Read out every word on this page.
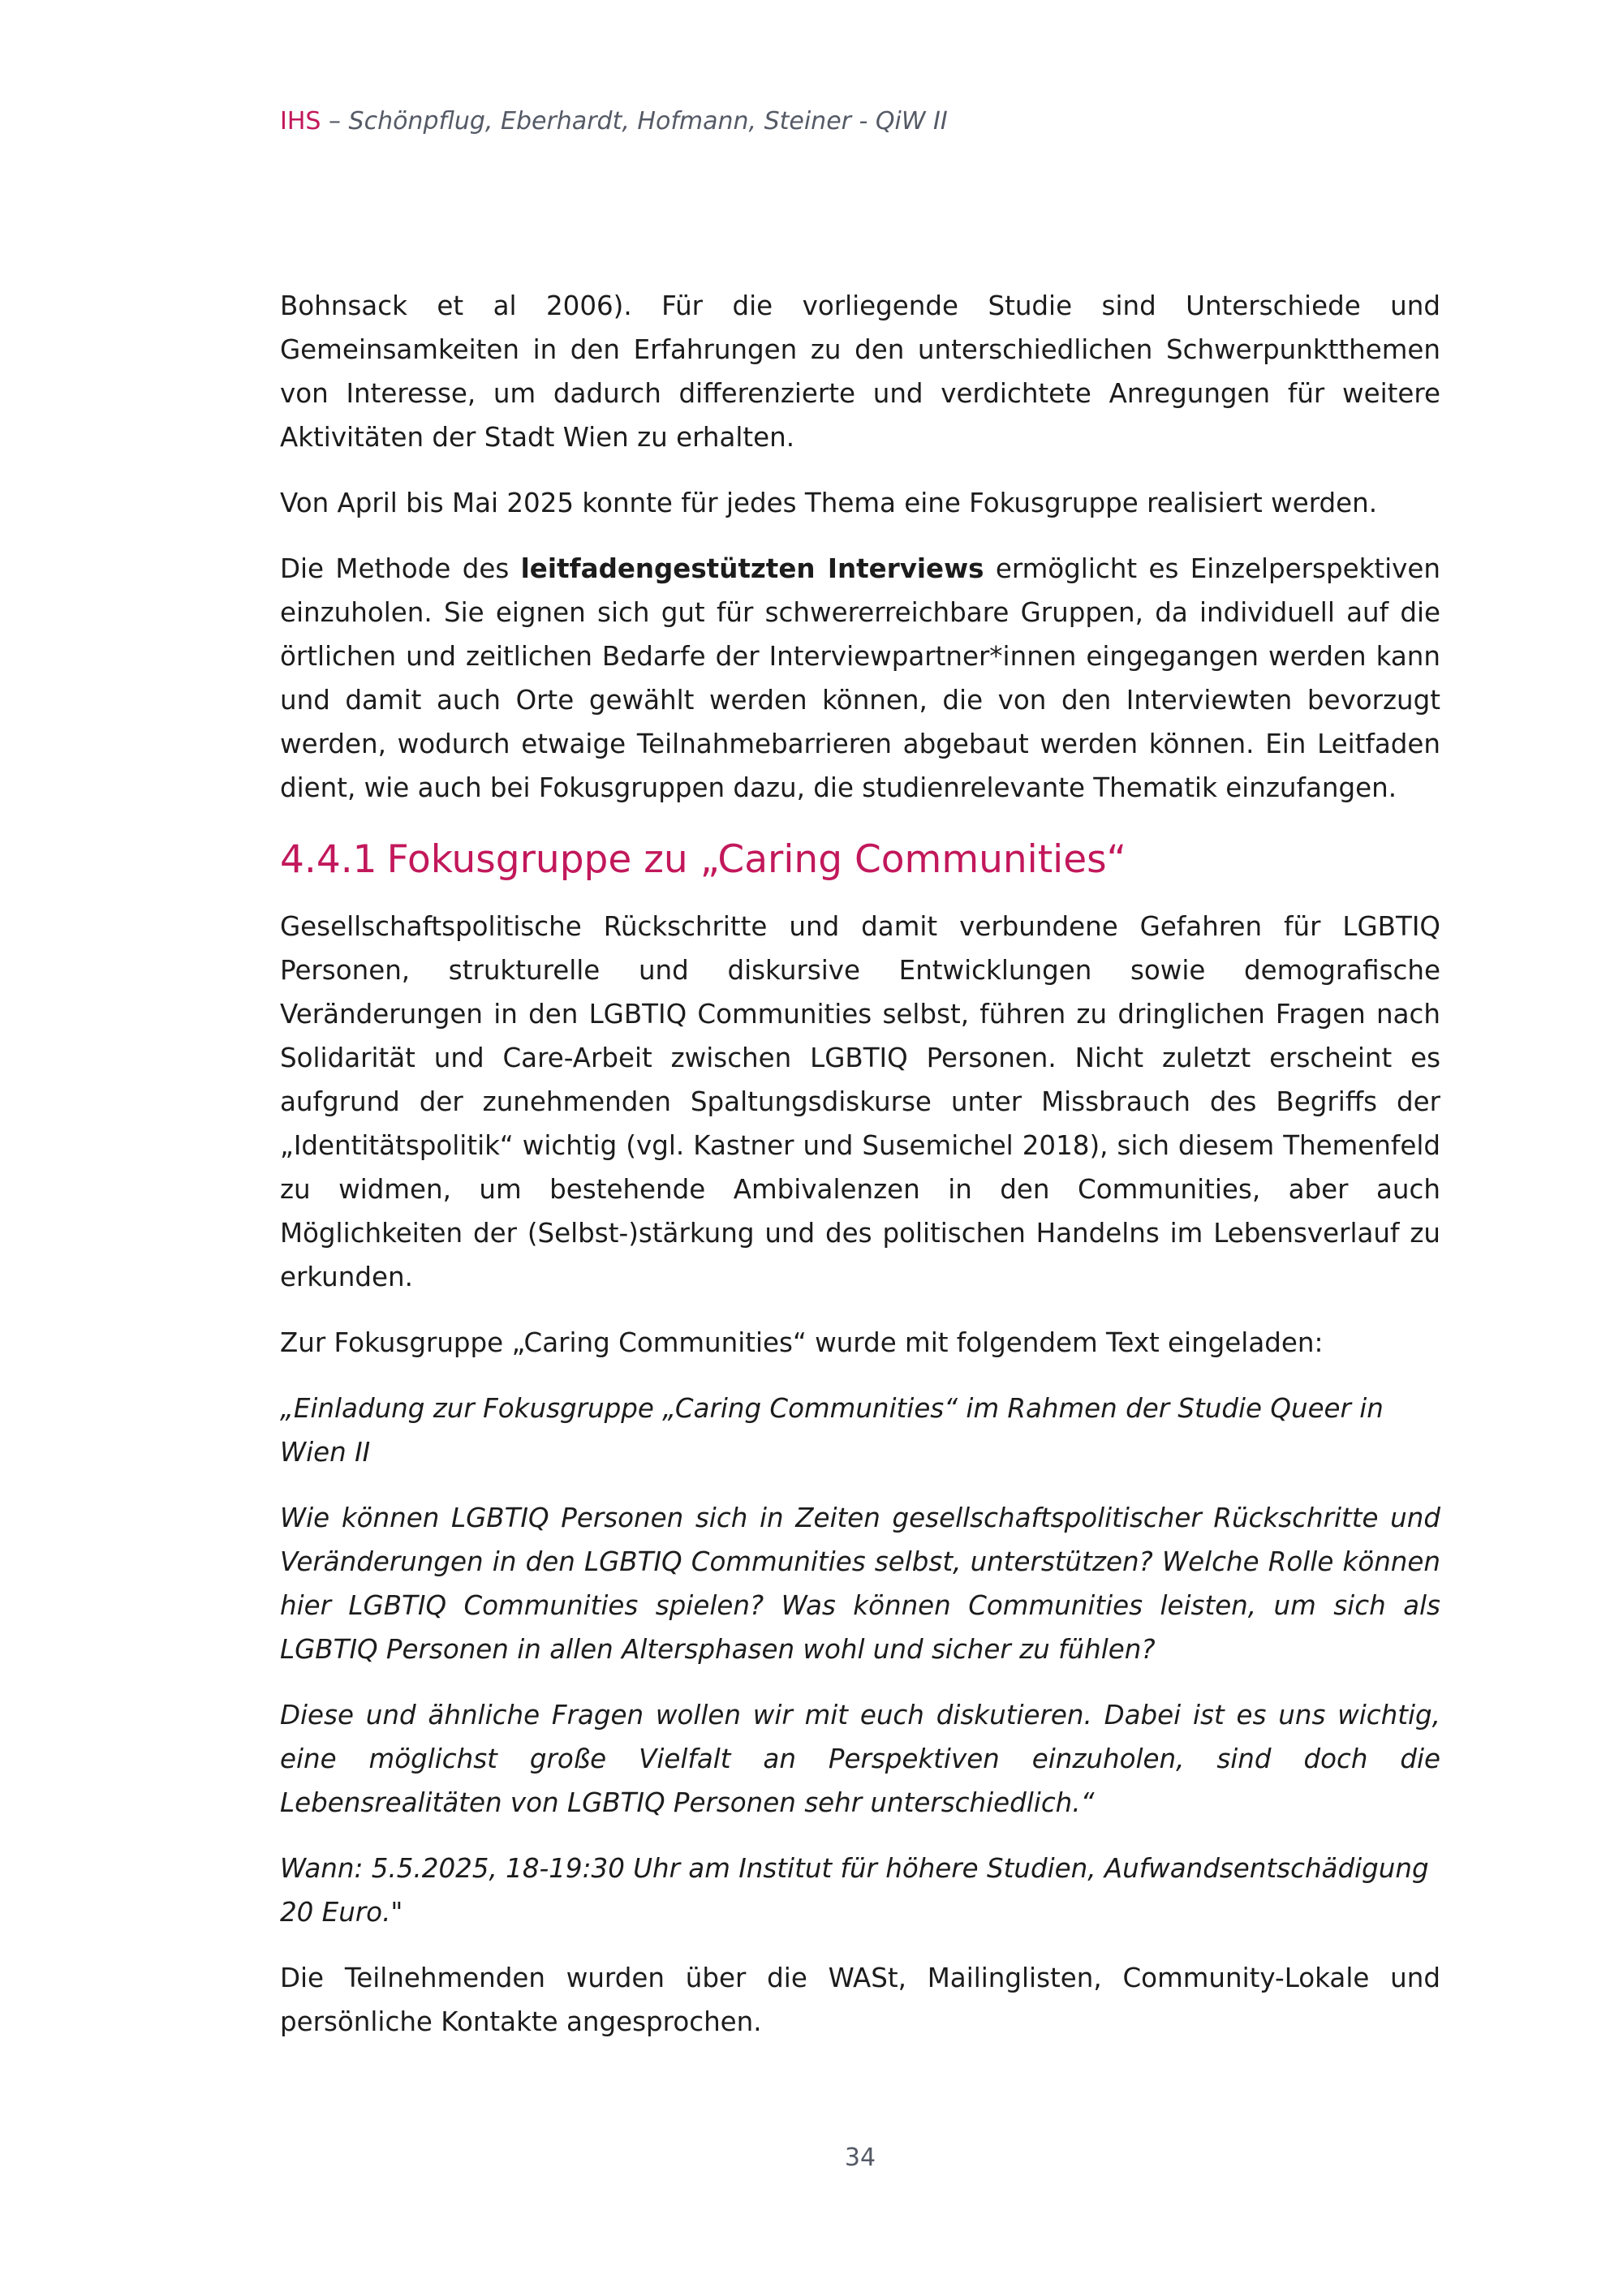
IHS – Schönpflug, Eberhardt, Hofmann, Steiner - QiW II

Bohnsack et al 2006). Für die vorliegende Studie sind Unterschiede und Gemeinsamkeiten in den Erfahrungen zu den unterschiedlichen Schwerpunktthemen von Interesse, um dadurch differenzierte und verdichtete Anregungen für weitere Aktivitäten der Stadt Wien zu erhalten.

Von April bis Mai 2025 konnte für jedes Thema eine Fokusgruppe realisiert werden.

Die Methode des leitfadengestützten Interviews ermöglicht es Einzelperspektiven einzuholen. Sie eignen sich gut für schwererreichbare Gruppen, da individuell auf die örtlichen und zeitlichen Bedarfe der Interviewpartner*innen eingegangen werden kann und damit auch Orte gewählt werden können, die von den Interviewten bevorzugt werden, wodurch etwaige Teilnahmebarrieren abgebaut werden können. Ein Leitfaden dient, wie auch bei Fokusgruppen dazu, die studienrelevante Thematik einzufangen.

4.4.1 Fokusgruppe zu „Caring Communities“

Gesellschaftspolitische Rückschritte und damit verbundene Gefahren für LGBTIQ Personen, strukturelle und diskursive Entwicklungen sowie demografische Veränderungen in den LGBTIQ Communities selbst, führen zu dringlichen Fragen nach Solidarität und Care-Arbeit zwischen LGBTIQ Personen. Nicht zuletzt erscheint es aufgrund der zunehmenden Spaltungsdiskurse unter Missbrauch des Begriffs der „Identitätspolitik“ wichtig (vgl. Kastner und Susemichel 2018), sich diesem Themenfeld zu widmen, um bestehende Ambivalenzen in den Communities, aber auch Möglichkeiten der (Selbst-)stärkung und des politischen Handelns im Lebensverlauf zu erkunden.

Zur Fokusgruppe „Caring Communities“ wurde mit folgendem Text eingeladen:

„Einladung zur Fokusgruppe „Caring Communities“ im Rahmen der Studie Queer in Wien II

Wie können LGBTIQ Personen sich in Zeiten gesellschaftspolitischer Rückschritte und Veränderungen in den LGBTIQ Communities selbst, unterstützen? Welche Rolle können hier LGBTIQ Communities spielen? Was können Communities leisten, um sich als LGBTIQ Personen in allen Altersphasen wohl und sicher zu fühlen?

Diese und ähnliche Fragen wollen wir mit euch diskutieren. Dabei ist es uns wichtig, eine möglichst große Vielfalt an Perspektiven einzuholen, sind doch die Lebensrealitäten von LGBTIQ Personen sehr unterschiedlich.“

Wann: 5.5.2025, 18-19:30 Uhr am Institut für höhere Studien, Aufwandsentschädigung 20 Euro."

Die Teilnehmenden wurden über die WASt, Mailinglisten, Community-Lokale und persönliche Kontakte angesprochen.

34
